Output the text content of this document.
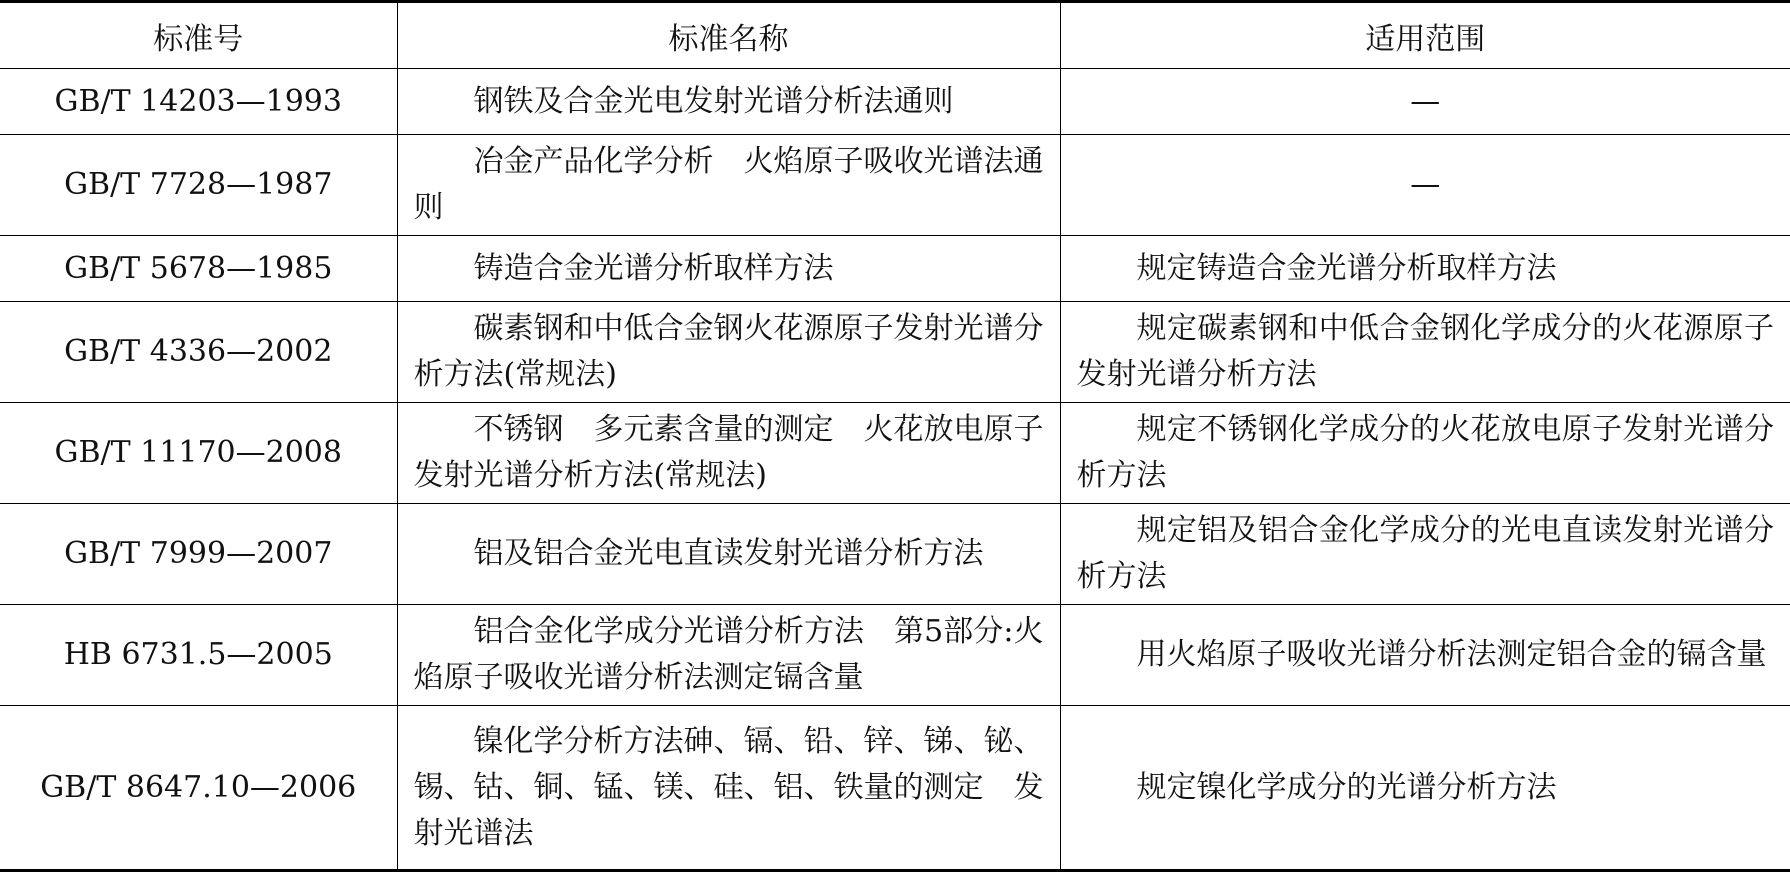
标准号	标准名称	适用范围
GB/T 14203—1993	钢铁及合金光电发射光谱分析法通则	—
GB/T 7728—1987	冶金产品化学分析　火焰原子吸收光谱法通则	—
GB/T 5678—1985	铸造合金光谱分析取样方法	规定铸造合金光谱分析取样方法
GB/T 4336—2002	碳素钢和中低合金钢火花源原子发射光谱分析方法(常规法)	规定碳素钢和中低合金钢化学成分的火花源原子发射光谱分析方法
GB/T 11170—2008	不锈钢　多元素含量的测定　火花放电原子发射光谱分析方法(常规法)	规定不锈钢化学成分的火花放电原子发射光谱分析方法
GB/T 7999—2007	铝及铝合金光电直读发射光谱分析方法	规定铝及铝合金化学成分的光电直读发射光谱分析方法
HB 6731.5—2005	铝合金化学成分光谱分析方法　第5部分:火焰原子吸收光谱分析法测定镉含量	用火焰原子吸收光谱分析法测定铝合金的镉含量
GB/T 8647.10—2006	镍化学分析方法砷、镉、铅、锌、锑、铋、锡、钴、铜、锰、镁、硅、铝、铁量的测定　发射光谱法	规定镍化学成分的光谱分析方法
